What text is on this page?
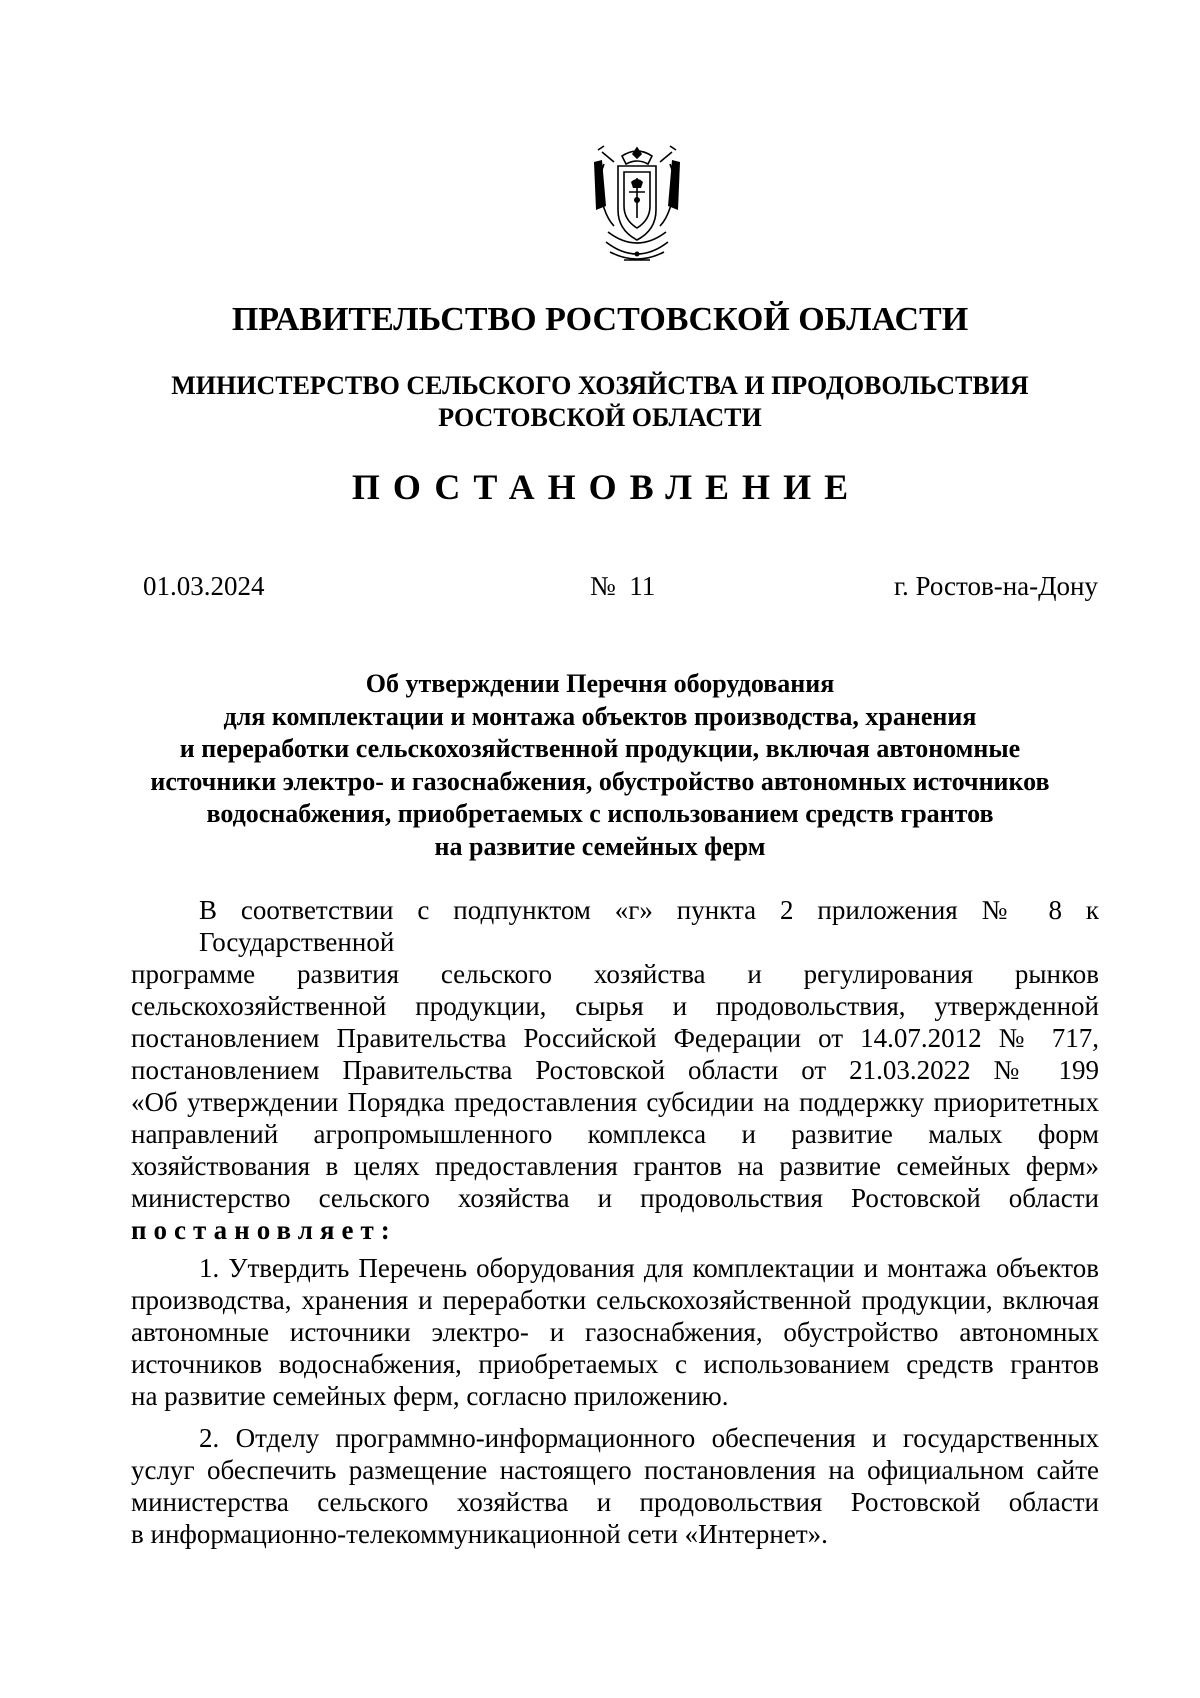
ПРАВИТЕЛЬСТВО РОСТОВСКОЙ ОБЛАСТИ
МИНИСТЕРСТВО СЕЛЬСКОГО ХОЗЯЙСТВА И ПРОДОВОЛЬСТВИЯ
РОСТОВСКОЙ ОБЛАСТИ
ПОСТАНОВЛЕНИЕ
01.03.2024	№  11	г. Ростов-на-Дону
Об утверждении Перечня оборудования
для комплектации и монтажа объектов производства, хранения
и переработки сельскохозяйственной продукции, включая автономные
источники электро- и газоснабжения, обустройство автономных источников
водоснабжения, приобретаемых с использованием средств грантов
на развитие семейных ферм
В соответствии с подпунктом «г» пункта 2 приложения № 8 к Государственной
программе развития сельского хозяйства и регулирования рынков
сельскохозяйственной продукции, сырья и продовольствия, утвержденной
постановлением Правительства Российской Федерации от 14.07.2012 № 717,
постановлением Правительства Ростовской области от 21.03.2022 № 199
«Об утверждении Порядка предоставления субсидии на поддержку приоритетных
направлений агропромышленного комплекса и развитие малых форм
хозяйствования в целях предоставления грантов на развитие семейных ферм»
министерство сельского хозяйства и продовольствия Ростовской области
постановляет:
1. Утвердить Перечень оборудования для комплектации и монтажа объектов
производства, хранения и переработки сельскохозяйственной продукции, включая
автономные источники электро- и газоснабжения, обустройство автономных
источников водоснабжения, приобретаемых с использованием средств грантов
на развитие семейных ферм, согласно приложению.
2. Отделу программно-информационного обеспечения и государственных
услуг обеспечить размещение настоящего постановления на официальном сайте
министерства сельского хозяйства и продовольствия Ростовской области
в информационно-телекоммуникационной сети «Интернет».
